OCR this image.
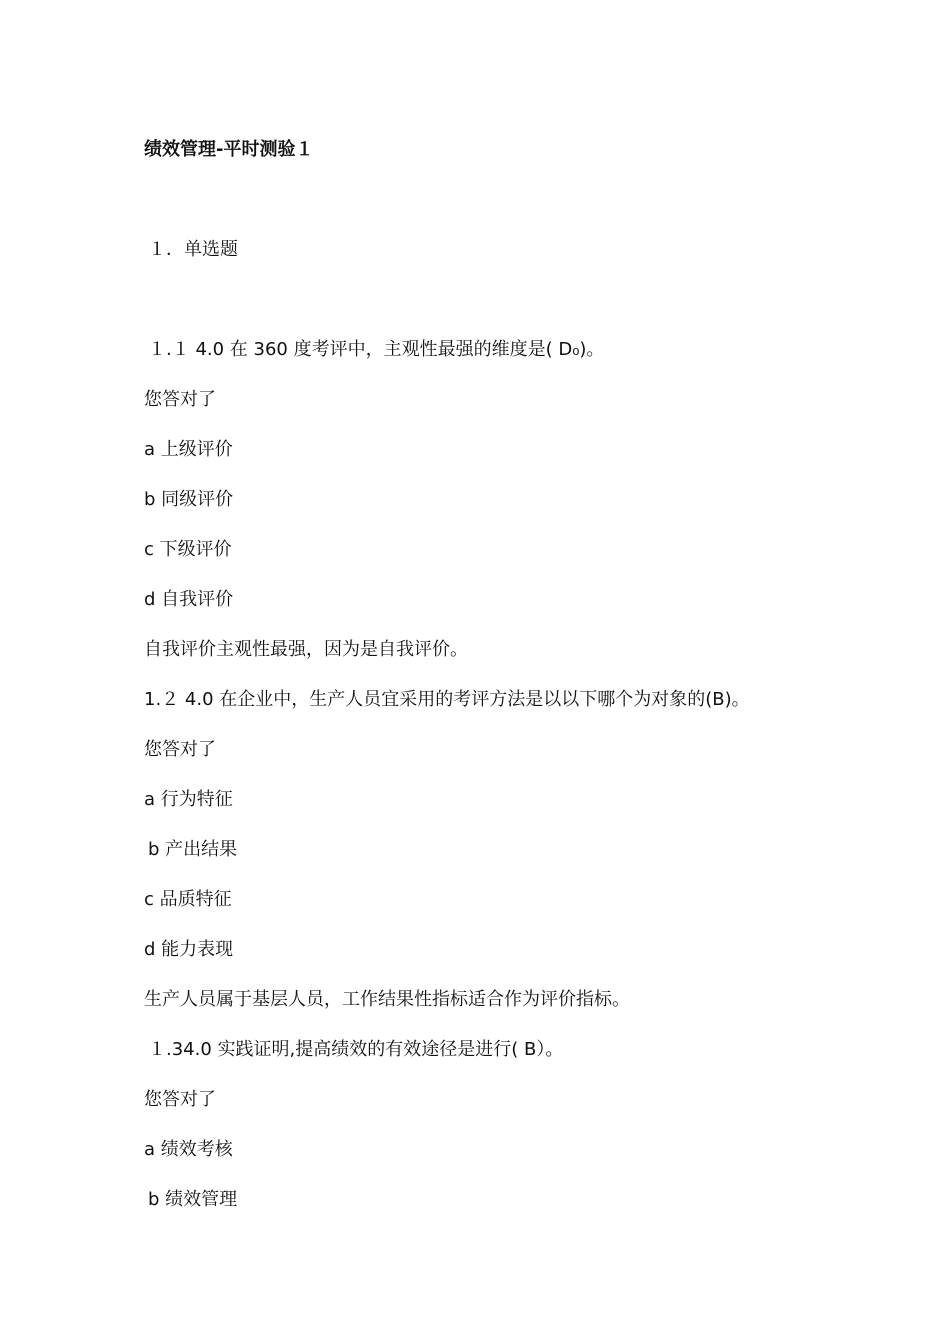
绩效管理-平时测验１
１．单选题
１.１ 4.0 在 360 度考评中，主观性最强的维度是( D₀)。
您答对了
a 上级评价
b 同级评价
c 下级评价
d 自我评价
自我评价主观性最强，因为是自我评价。
1.２ 4.0 在企业中，生产人员宜采用的考评方法是以以下哪个为对象的(B)。
您答对了
a 行为特征
b 产出结果
c 品质特征
d 能力表现
生产人员属于基层人员，工作结果性指标适合作为评价指标。
１.34.0 实践证明,提高绩效的有效途径是进行( B）。
您答对了
a 绩效考核
b 绩效管理
